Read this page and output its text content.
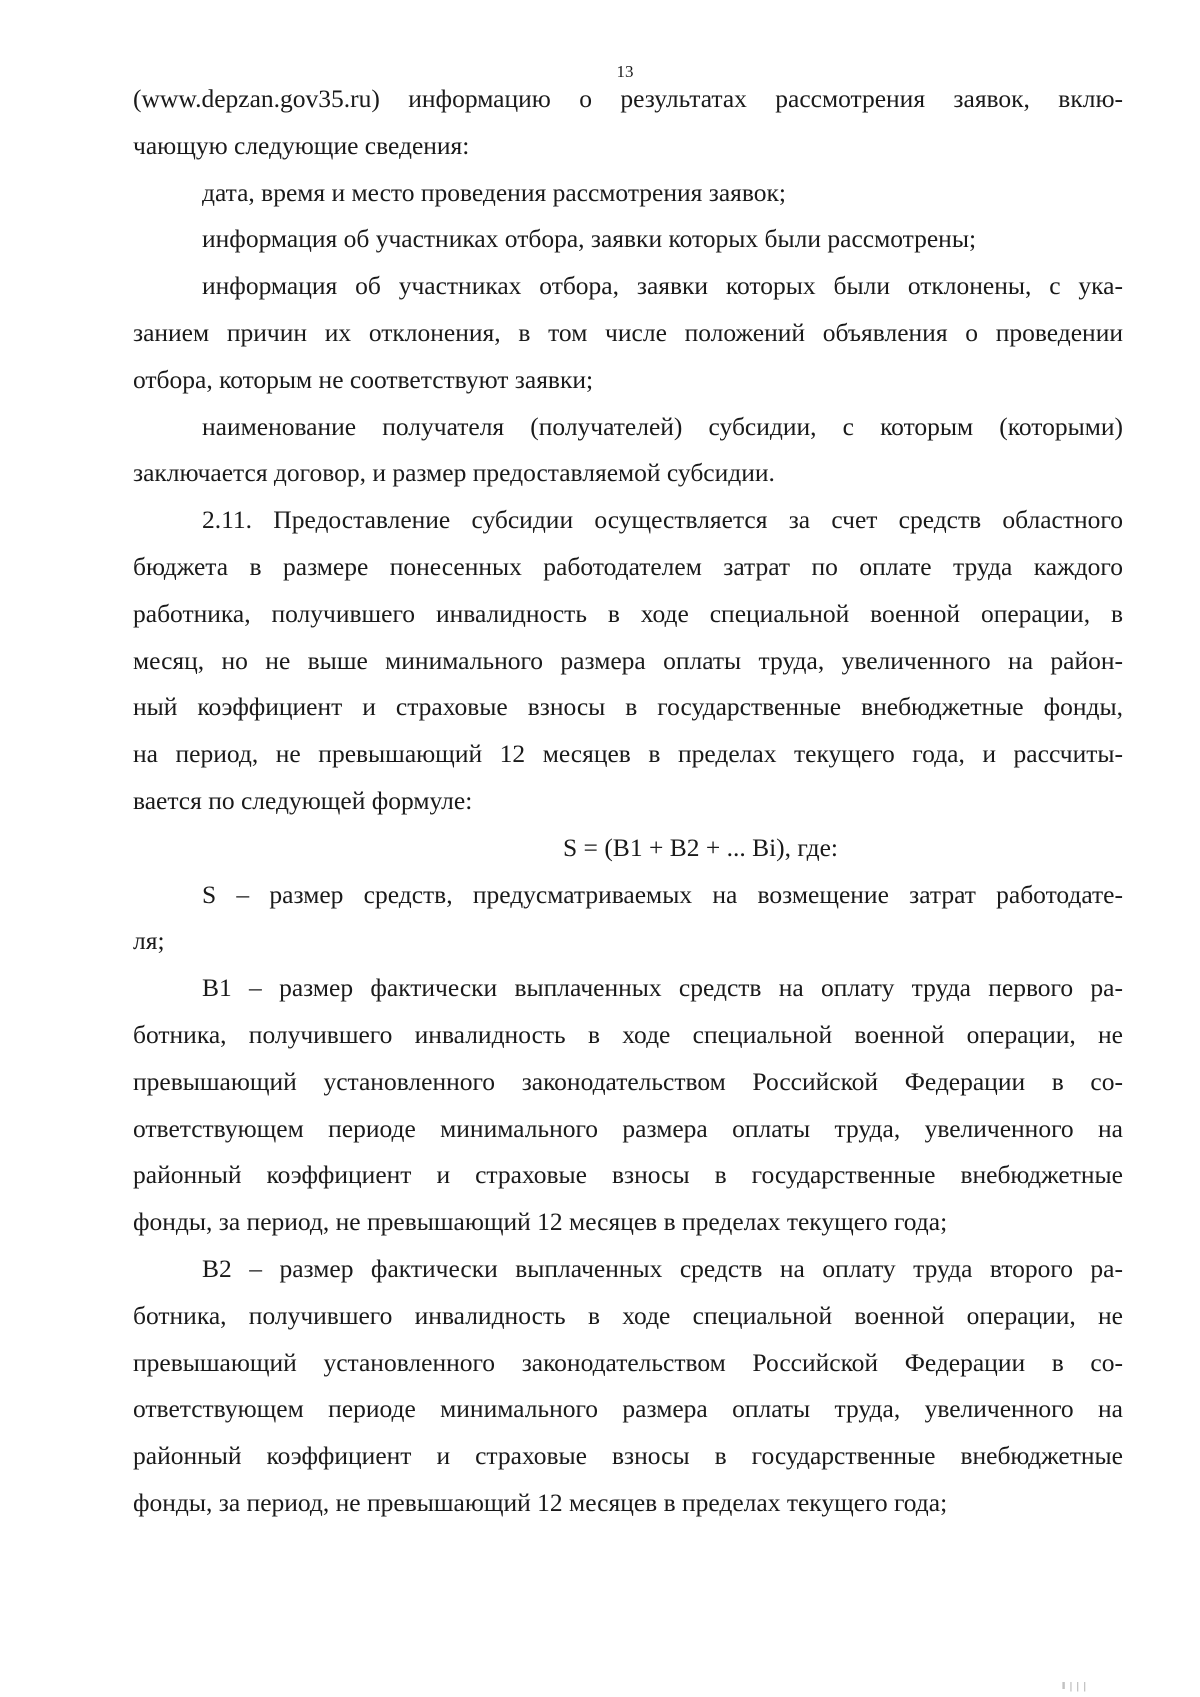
13
(www.depzan.gov35.ru) информацию о результатах рассмотрения заявок, вклю-
чающую следующие сведения:
дата, время и место проведения рассмотрения заявок;
информация об участниках отбора, заявки которых были рассмотрены;
информация об участниках отбора, заявки которых были отклонены, с ука-
занием причин их отклонения, в том числе положений объявления о проведении
отбора, которым не соответствуют заявки;
наименование получателя (получателей) субсидии, с которым (которыми)
заключается договор, и размер предоставляемой субсидии.
2.11. Предоставление субсидии осуществляется за счет средств областного
бюджета в размере понесенных работодателем затрат по оплате труда каждого
работника, получившего инвалидность в ходе специальной военной операции, в
месяц, но не выше минимального размера оплаты труда, увеличенного на район-
ный коэффициент и страховые взносы в государственные внебюджетные фонды,
на период, не превышающий 12 месяцев в пределах текущего года, и рассчиты-
вается по следующей формуле:
S = (B1 + B2 + ... Bi), где:
S – размер средств, предусматриваемых на возмещение затрат работодате-
ля;
B1 – размер фактически выплаченных средств на оплату труда первого ра-
ботника, получившего инвалидность в ходе специальной военной операции, не
превышающий установленного законодательством Российской Федерации в со-
ответствующем периоде минимального размера оплаты труда, увеличенного на
районный коэффициент и страховые взносы в государственные внебюджетные
фонды, за период, не превышающий 12 месяцев в пределах текущего года;
B2 – размер фактически выплаченных средств на оплату труда второго ра-
ботника, получившего инвалидность в ходе специальной военной операции, не
превышающий установленного законодательством Российской Федерации в со-
ответствующем периоде минимального размера оплаты труда, увеличенного на
районный коэффициент и страховые взносы в государственные внебюджетные
фонды, за период, не превышающий 12 месяцев в пределах текущего года;
‖ | | |
